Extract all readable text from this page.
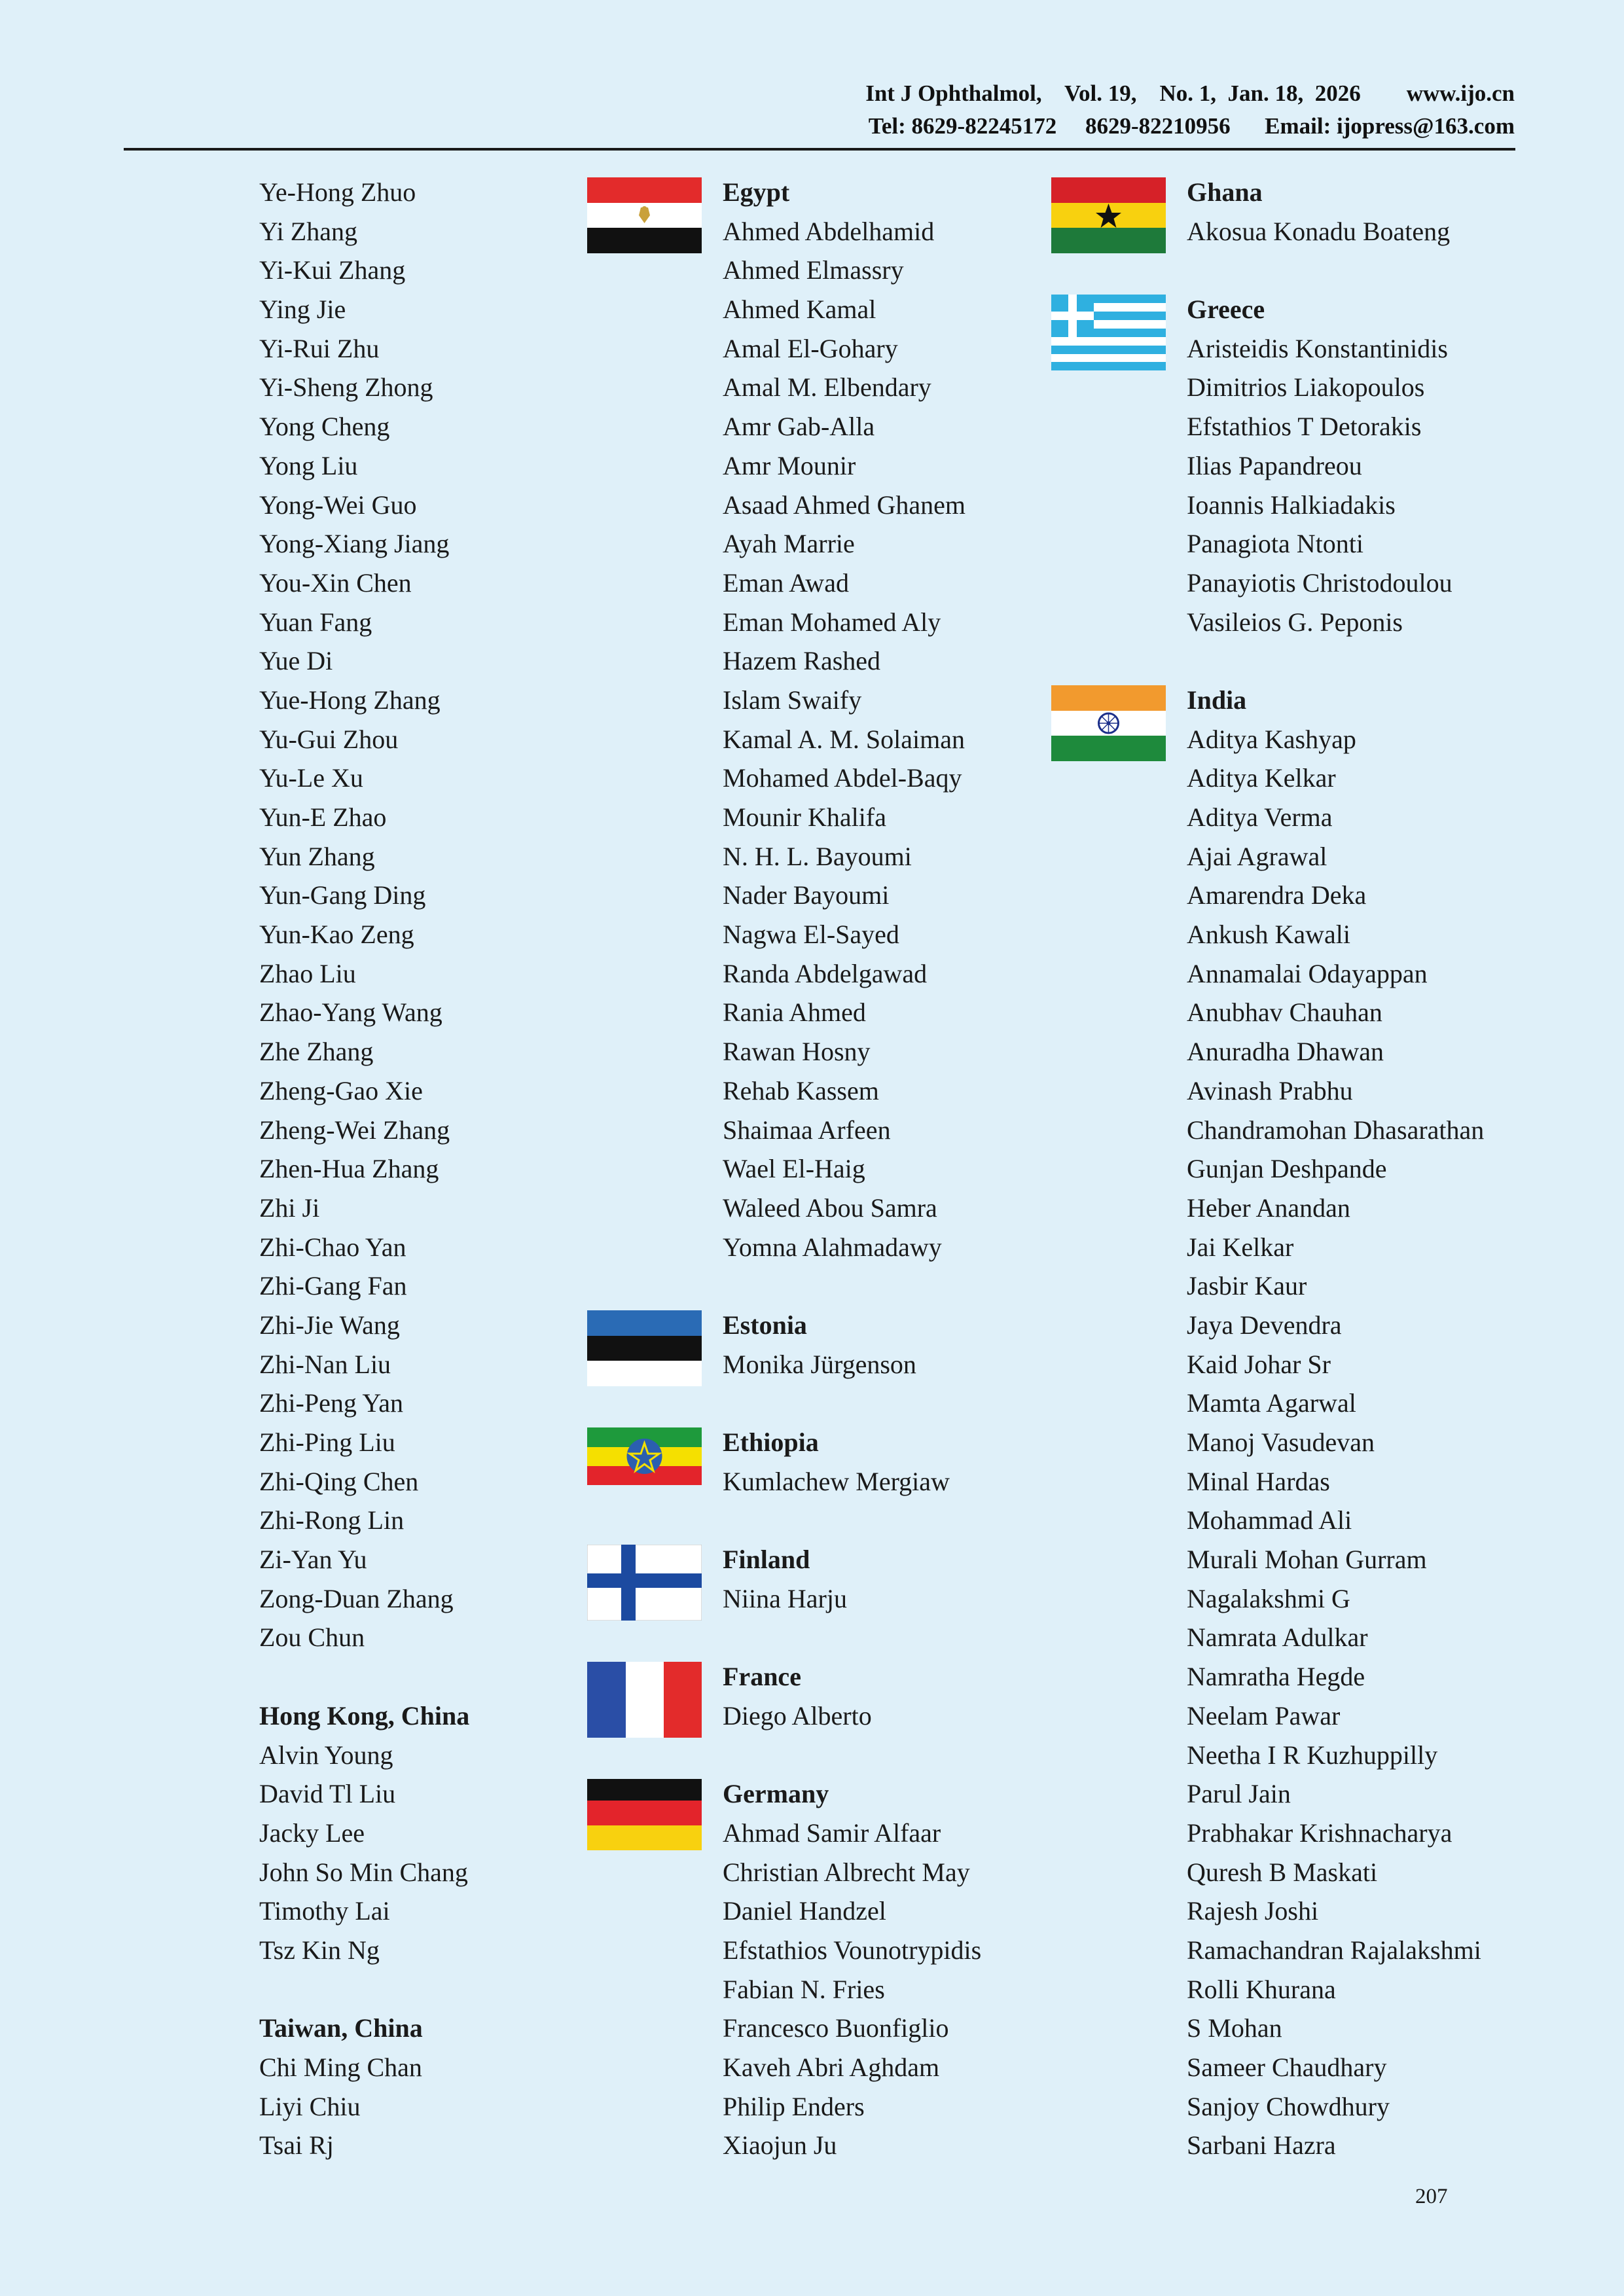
Int J Ophthalmol,    Vol. 19,    No. 1,  Jan. 18,  2026        www.ijo.cn
Tel: 8629-82245172     8629-82210956      Email: ijopress@163.com
Ye-Hong Zhuo
Yi Zhang
Yi-Kui Zhang
Ying Jie
Yi-Rui Zhu
Yi-Sheng Zhong
Yong Cheng
Yong Liu
Yong-Wei Guo
Yong-Xiang Jiang
You-Xin Chen
Yuan Fang
Yue Di
Yue-Hong Zhang
Yu-Gui Zhou
Yu-Le Xu
Yun-E Zhao
Yun Zhang
Yun-Gang Ding
Yun-Kao Zeng
Zhao Liu
Zhao-Yang Wang
Zhe Zhang
Zheng-Gao Xie
Zheng-Wei Zhang
Zhen-Hua Zhang
Zhi Ji
Zhi-Chao Yan
Zhi-Gang Fan
Zhi-Jie Wang
Zhi-Nan Liu
Zhi-Peng Yan
Zhi-Ping Liu
Zhi-Qing Chen
Zhi-Rong Lin
Zi-Yan Yu
Zong-Duan Zhang
Zou Chun
Hong Kong, China
Alvin Young
David Tl Liu
Jacky Lee
John So Min Chang
Timothy Lai
Tsz Kin Ng
Taiwan, China
Chi Ming Chan
Liyi Chiu
Tsai Rj
Egypt
Ahmed Abdelhamid
Ahmed Elmassry
Ahmed Kamal
Amal El-Gohary
Amal M. Elbendary
Amr Gab-Alla
Amr Mounir
Asaad Ahmed Ghanem
Ayah Marrie
Eman Awad
Eman Mohamed Aly
Hazem Rashed
Islam Swaify
Kamal A. M. Solaiman
Mohamed Abdel-Baqy
Mounir Khalifa
N. H. L. Bayoumi
Nader Bayoumi
Nagwa El-Sayed
Randa Abdelgawad
Rania Ahmed
Rawan Hosny
Rehab Kassem
Shaimaa Arfeen
Wael El-Haig
Waleed Abou Samra
Yomna Alahmadawy
Estonia
Monika Jürgenson
Ethiopia
Kumlachew Mergiaw
Finland
Niina Harju
France
Diego Alberto
Germany
Ahmad Samir Alfaar
Christian Albrecht May
Daniel Handzel
Efstathios Vounotrypidis
Fabian N. Fries
Francesco Buonfiglio
Kaveh Abri Aghdam
Philip Enders
Xiaojun Ju
Ghana
Akosua Konadu Boateng
Greece
Aristeidis Konstantinidis
Dimitrios Liakopoulos
Efstathios T Detorakis
Ilias Papandreou
Ioannis Halkiadakis
Panagiota Ntonti
Panayiotis Christodoulou
Vasileios G. Peponis
India
Aditya Kashyap
Aditya Kelkar
Aditya Verma
Ajai Agrawal
Amarendra Deka
Ankush Kawali
Annamalai Odayappan
Anubhav Chauhan
Anuradha Dhawan
Avinash Prabhu
Chandramohan Dhasarathan
Gunjan Deshpande
Heber Anandan
Jai Kelkar
Jasbir Kaur
Jaya Devendra
Kaid Johar Sr
Mamta Agarwal
Manoj Vasudevan
Minal Hardas
Mohammad Ali
Murali Mohan Gurram
Nagalakshmi G
Namrata Adulkar
Namratha Hegde
Neelam Pawar
Neetha I R Kuzhuppilly
Parul Jain
Prabhakar Krishnacharya
Quresh B Maskati
Rajesh Joshi
Ramachandran Rajalakshmi
Rolli Khurana
S Mohan
Sameer Chaudhary
Sanjoy Chowdhury
Sarbani Hazra
207
